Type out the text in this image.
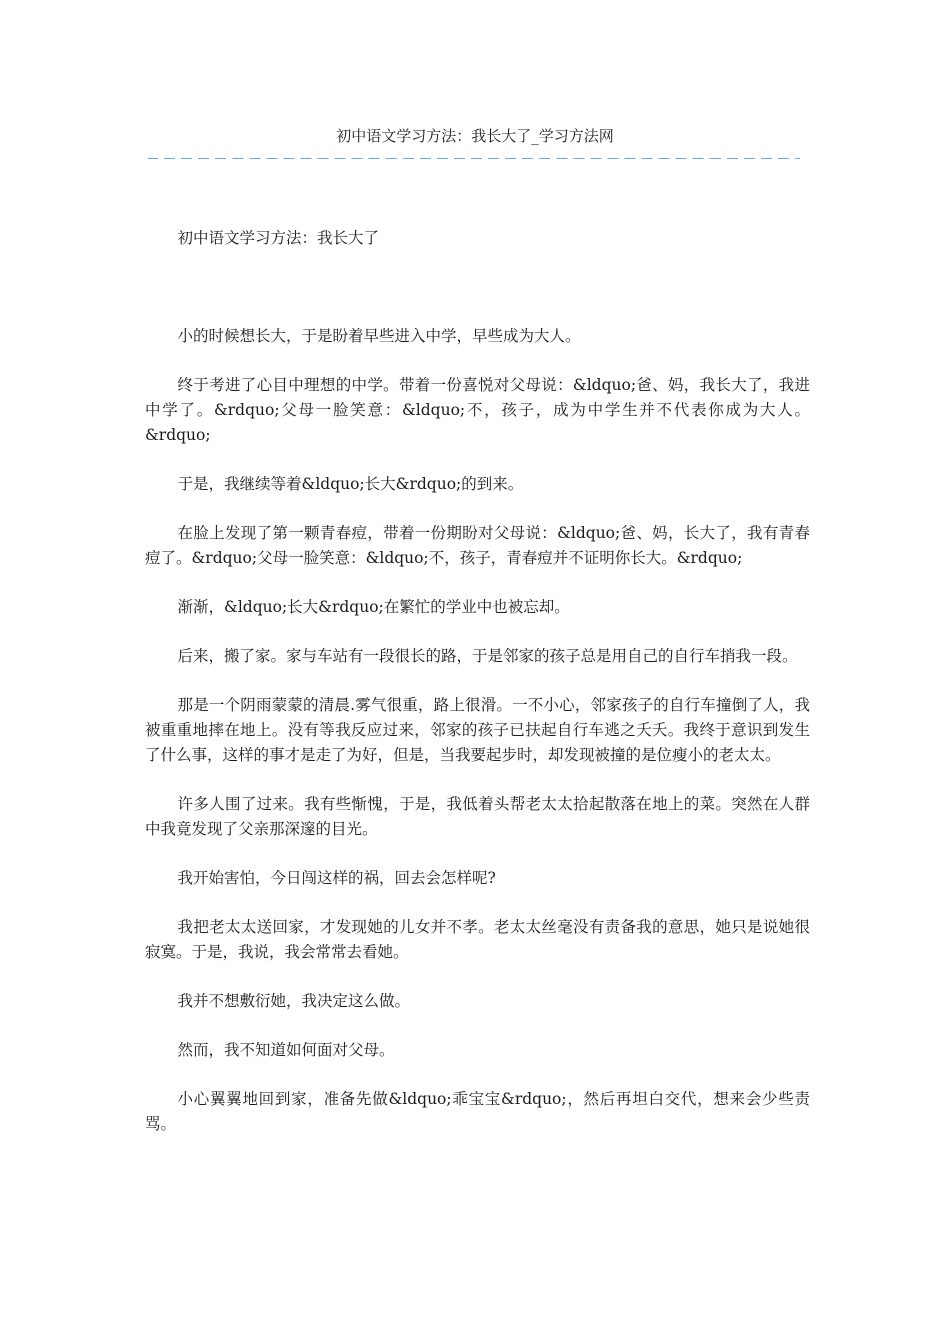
初中语文学习方法：我长大了_学习方法网

初中语文学习方法：我长大了

小的时候想长大，于是盼着早些进入中学，早些成为大人。

终于考进了心目中理想的中学。带着一份喜悦对父母说：&ldquo;爸、妈，我长大了，我进中学了。&rdquo;父母一脸笑意：&ldquo;不，孩子，成为中学生并不代表你成为大人。&rdquo;

于是，我继续等着&ldquo;长大&rdquo;的到来。

在脸上发现了第一颗青春痘，带着一份期盼对父母说：&ldquo;爸、妈，长大了，我有青春痘了。&rdquo;父母一脸笑意：&ldquo;不，孩子，青春痘并不证明你长大。&rdquo;

渐渐，&ldquo;长大&rdquo;在繁忙的学业中也被忘却。

后来，搬了家。家与车站有一段很长的路，于是邻家的孩子总是用自己的自行车捎我一段。

那是一个阴雨蒙蒙的清晨.雾气很重，路上很滑。一不小心，邻家孩子的自行车撞倒了人，我被重重地摔在地上。没有等我反应过来，邻家的孩子已扶起自行车逃之夭夭。我终于意识到发生了什么事，这样的事才是走了为好，但是，当我要起步时，却发现被撞的是位瘦小的老太太。

许多人围了过来。我有些惭愧，于是，我低着头帮老太太拾起散落在地上的菜。突然在人群中我竟发现了父亲那深邃的目光。

我开始害怕，今日闯这样的祸，回去会怎样呢?

我把老太太送回家，才发现她的儿女并不孝。老太太丝毫没有责备我的意思，她只是说她很寂寞。于是，我说，我会常常去看她。

我并不想敷衍她，我决定这么做。

然而，我不知道如何面对父母。

小心翼翼地回到家，准备先做&ldquo;乖宝宝&rdquo;，然后再坦白交代，想来会少些责骂。
